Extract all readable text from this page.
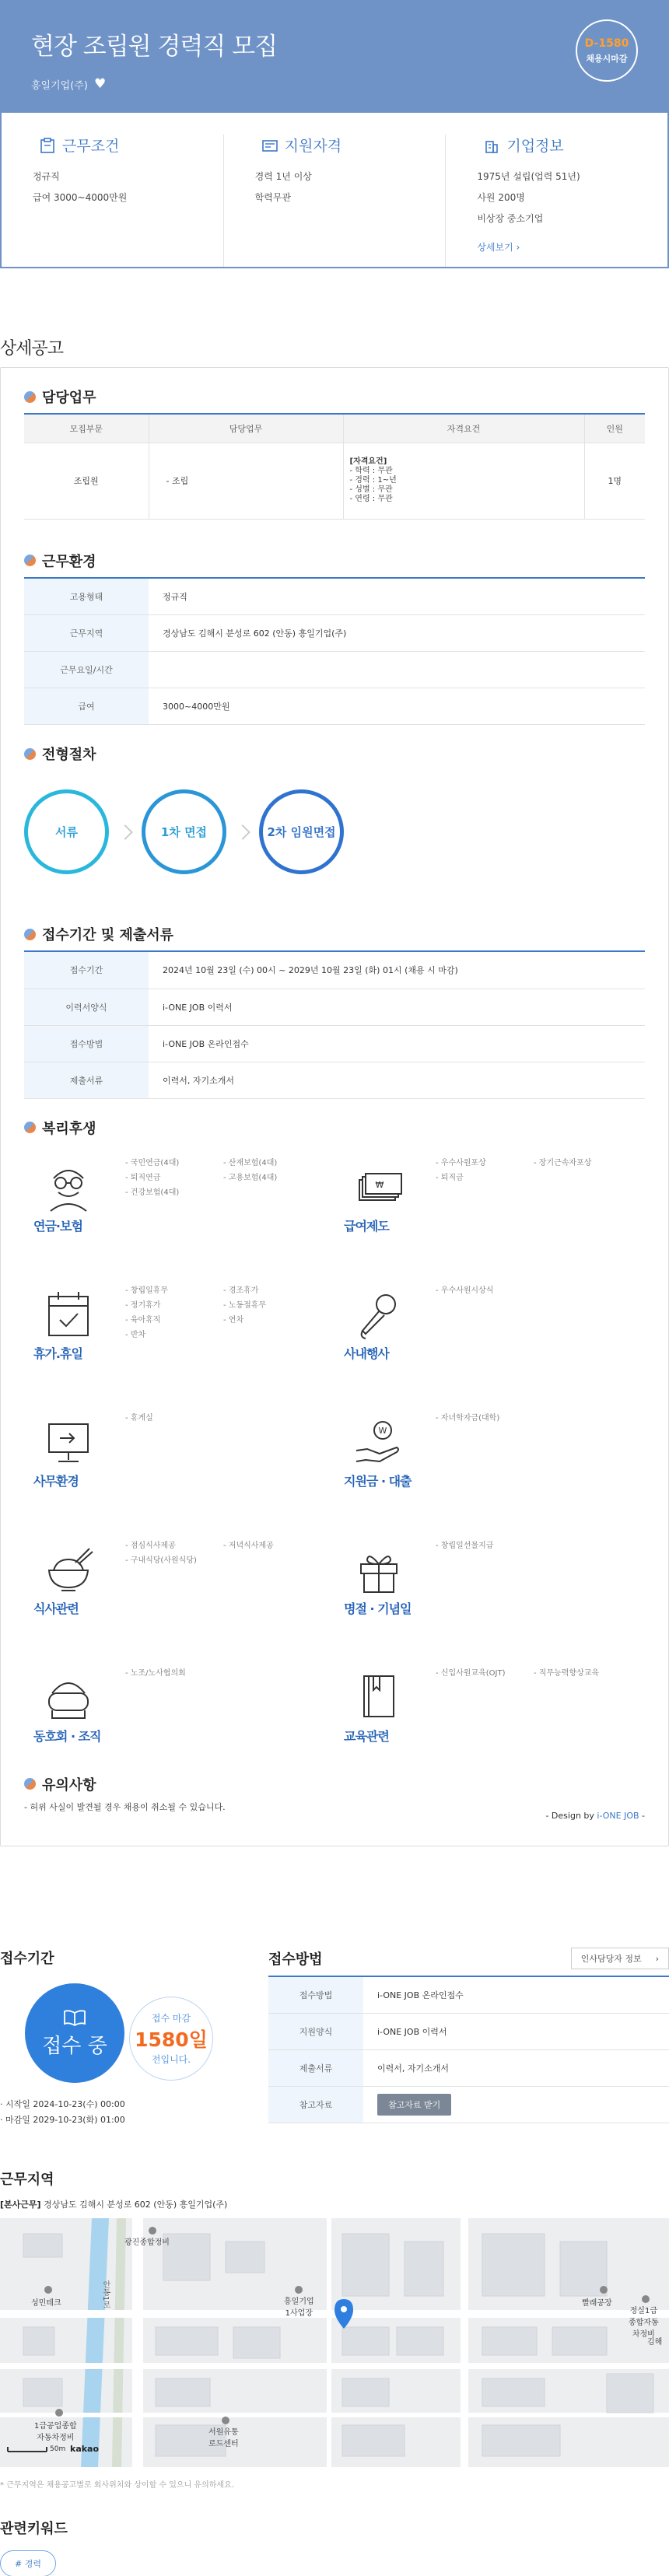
현장 조립원 경력직 모집
흥일기업(주) ♥
D-1580
채용시마감
근무조건
정규직
급여 3000~4000만원
지원자격
경력 1년 이상
학력무관
기업정보
1975년 설립(업력 51년)
사원 200명
비상장 중소기업
상세보기 ›
상세공고
담당업무
모집부문	담당업무	자격요건	인원
조립원	- 조립	[자격요건]
- 학력 : 무관
- 경력 : 1~년
- 성별 : 무관
- 연령 : 무관	1명
근무환경
고용형태	정규직
근무지역	경상남도 김해시 분성로 602 (안동) 흥일기업(주)
근무요일/시간	
급여	3000~4000만원
전형절차
서류	1차 면접	2차 임원면접
접수기간 및 제출서류
접수기간	2024년 10월 23일 (수) 00시 ~ 2029년 10월 23일 (화) 01시 (채용 시 마감)
이력서양식	i-ONE JOB 이력서
접수방법	i-ONE JOB 온라인접수
제출서류	이력서, 자기소개서
복리후생
연금·보험
- 국민연금(4대)	- 산재보험(4대)
- 퇴직연금	- 고용보험(4대)
- 건강보험(4대)
₩
급여제도
- 우수사원포상	- 장기근속자포상
- 퇴직금
휴가.휴일
- 창립일휴무	- 경조휴가
- 정기휴가	- 노동절휴무
- 육아휴직	- 연차
- 반차
사내행사
- 우수사원시상식
사무환경
- 휴게실
W
지원금 · 대출
- 자녀학자금(대학)
식사관련
- 점심식사제공	- 저녁식사제공
- 구내식당(사원식당)
명절 · 기념일
- 창립일선물지급
동호회 · 조직
- 노조/노사협의회
교육관련
- 신입사원교육(OJT)	- 직무능력향상교육
유의사항
- 허위 사실이 발견될 경우 채용이 취소될 수 있습니다.
- Design by i-ONE JOB -
접수기간
접수 중
접수 마감
1580일
전입니다.
· 시작일 2024-10-23(수) 00:00
· 마감일 2029-10-23(화) 01:00
접수방법	인사담당자 정보 ›
접수방법	i-ONE JOB 온라인접수
지원양식	i-ONE JOB 이력서
제출서류	이력서, 자기소개서
참고자료	참고자료 받기
근무지역
[본사근무] 경상남도 김해시 분성로 602 (안동) 흥일기업(주)
광진종합정비
성민테크	흥일기업
1사업장
서원유통
로드센터
1급공업종합
자동차정비
빨래공장
정실1급
종합자동
차정비
김해
안동1로
50m kakao
* 근무지역은 채용공고별로 회사위치와 상이할 수 있으니 유의하세요.
관련키워드
# 경력
